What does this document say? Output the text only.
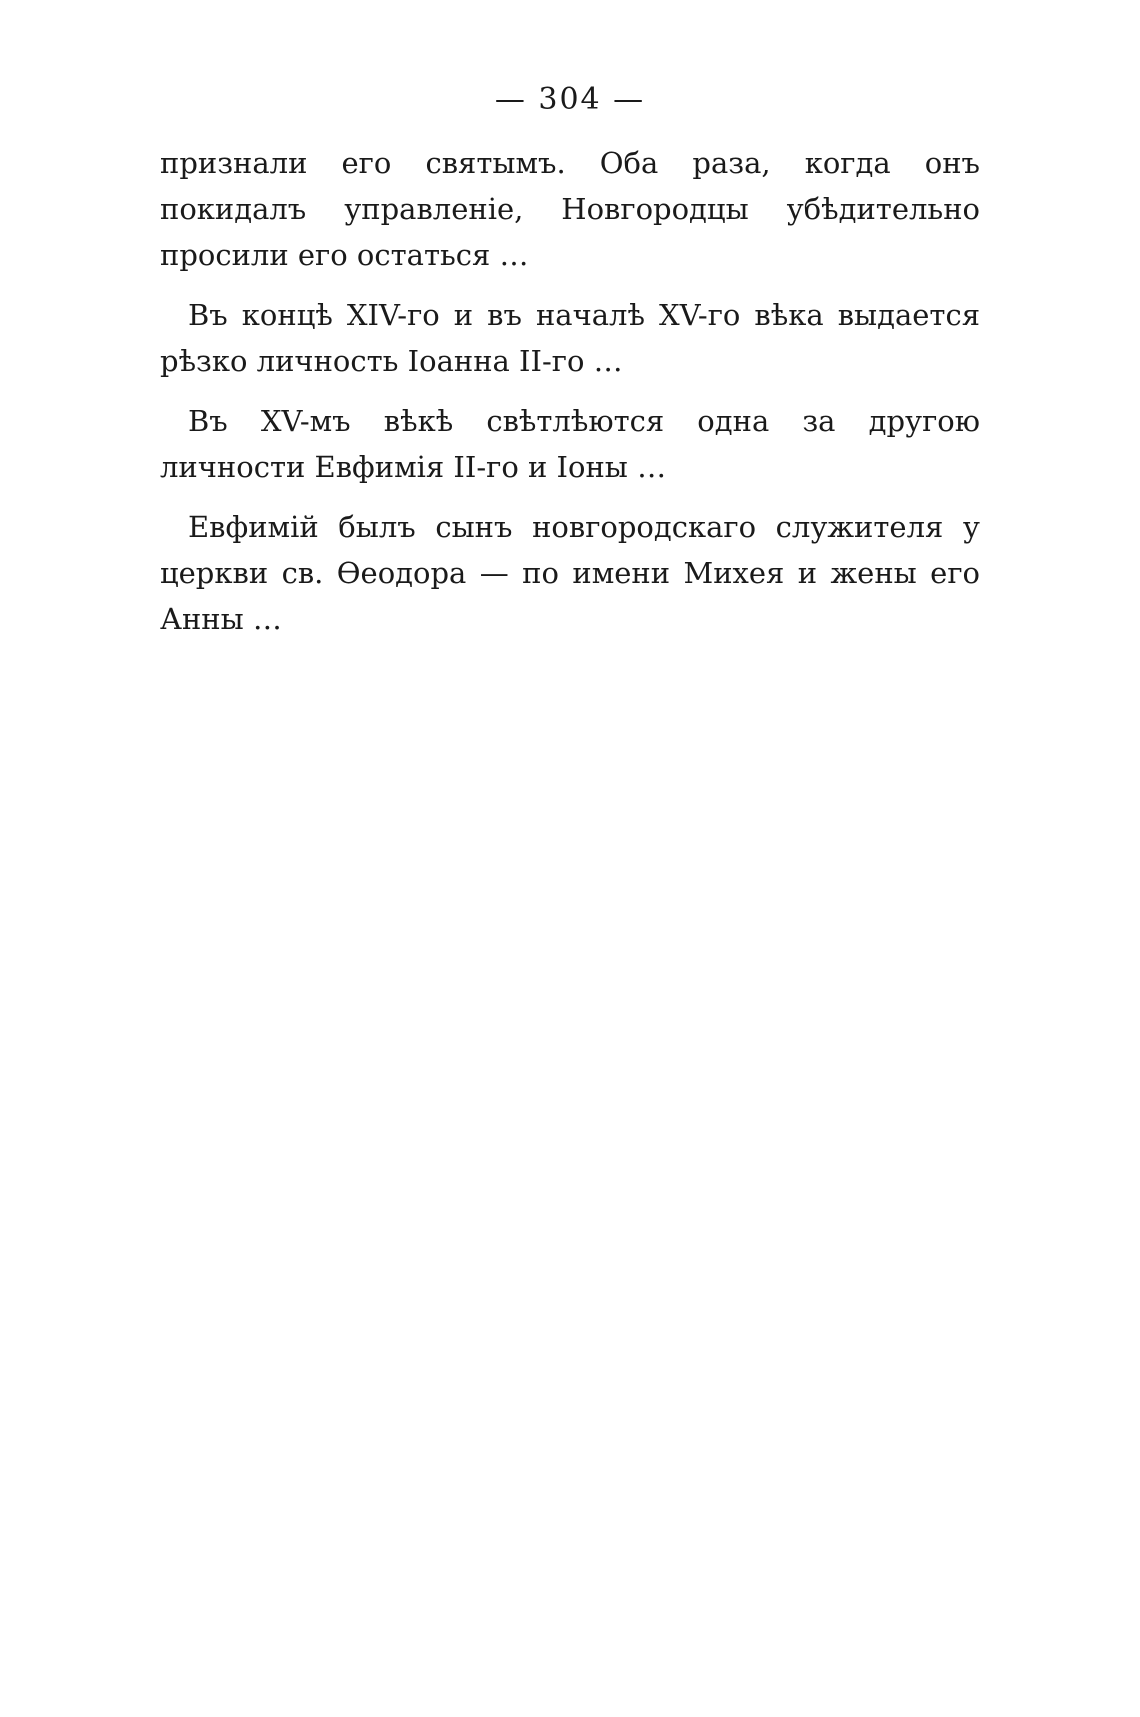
— 304 —

признали его святымъ. Оба раза, когда онъ покидалъ управленіе, Новгородцы убѣдительно просили его остаться …

Въ концѣ XIV-го и въ началѣ XV-го вѣка выдается рѣзко личность Іоанна II-го …

Въ XV-мъ вѣкѣ свѣтлѣются одна за другою личности Евфимія II-го и Іоны …

Евфимій былъ сынъ новгородскаго служителя у церкви св. Ѳеодора — по имени Михея и жены его Анны …
